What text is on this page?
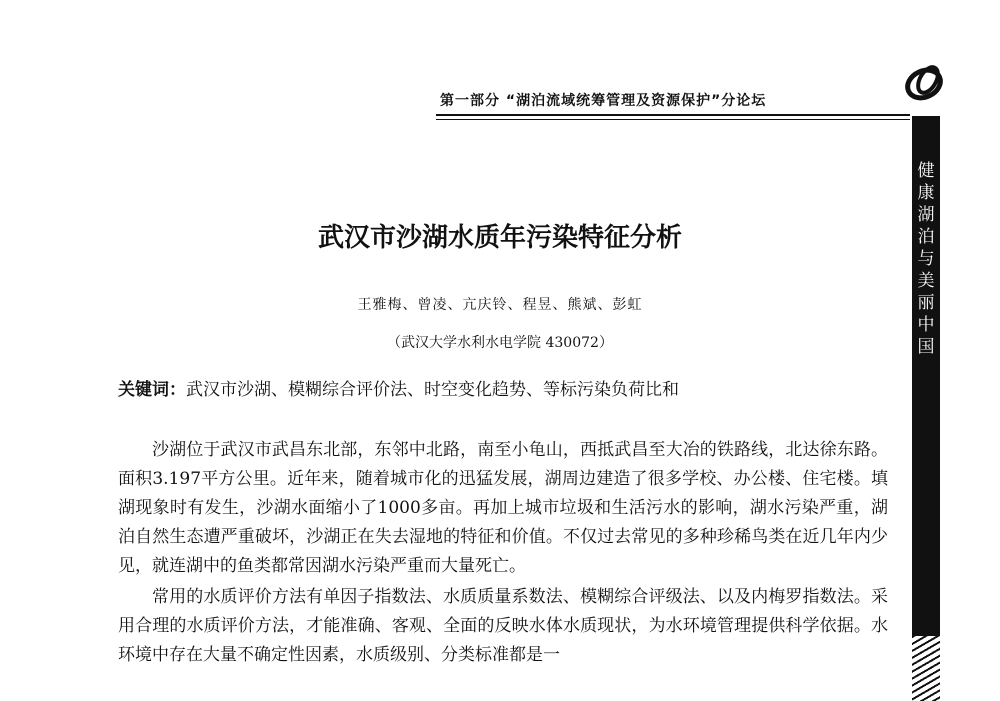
第一部分 “湖泊流域统筹管理及资源保护”分论坛
健康湖泊与美丽中国
武汉市沙湖水质年污染特征分析
王雅梅、曾凌、亢庆铃、程昱、熊斌、彭虹
（武汉大学水利水电学院 430072）
关键词：武汉市沙湖、模糊综合评价法、时空变化趋势、等标污染负荷比和

沙湖位于武汉市武昌东北部，东邻中北路，南至小龟山，西抵武昌至大冶的铁路线，北达徐东路。面积3.197平方公里。近年来，随着城市化的迅猛发展，湖周边建造了很多学校、办公楼、住宅楼。填湖现象时有发生，沙湖水面缩小了1000多亩。再加上城市垃圾和生活污水的影响，湖水污染严重，湖泊自然生态遭严重破坏，沙湖正在失去湿地的特征和价值。不仅过去常见的多种珍稀鸟类在近几年内少见，就连湖中的鱼类都常因湖水污染严重而大量死亡。

常用的水质评价方法有单因子指数法、水质质量系数法、模糊综合评级法、以及内梅罗指数法。采用合理的水质评价方法，才能准确、客观、全面的反映水体水质现状，为水环境管理提供科学依据。水环境中存在大量不确定性因素，水质级别、分类标准都是一
